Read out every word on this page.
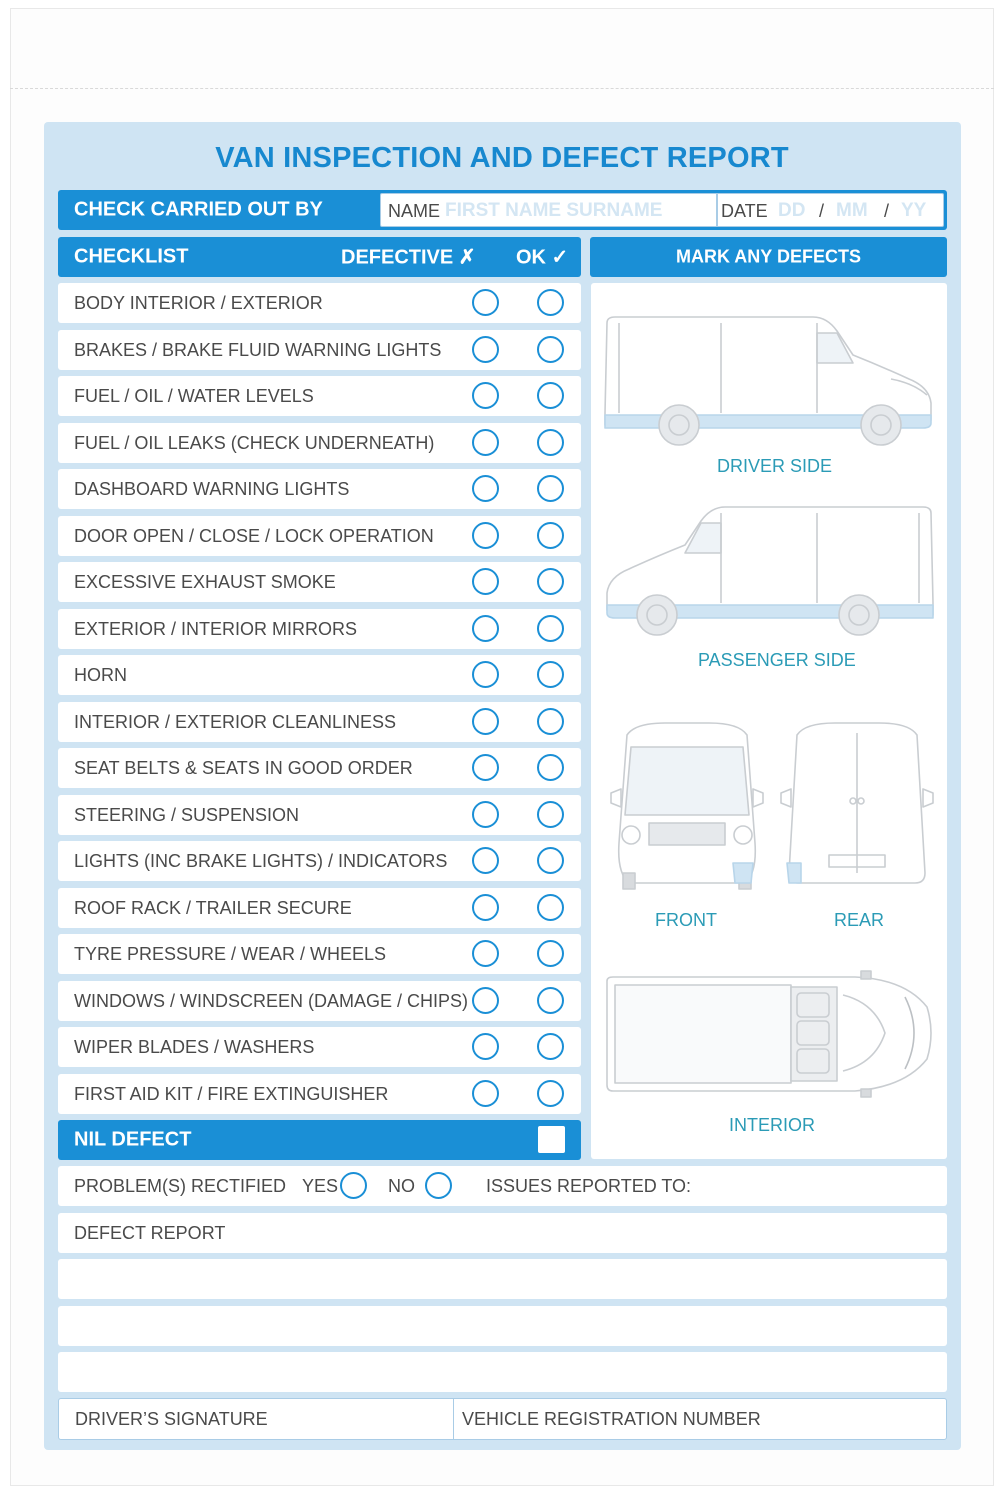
VAN INSPECTION AND DEFECT REPORT
CHECK CARRIED OUT BY	NAME FIRST NAME SURNAME	DATE DD / MM / YY
CHECKLIST	DEFECTIVE ✗ OK ✓	MARK ANY DEFECTS
BODY INTERIOR / EXTERIOR
BRAKES / BRAKE FLUID WARNING LIGHTS
FUEL / OIL / WATER LEVELS
FUEL / OIL LEAKS (CHECK UNDERNEATH)
DASHBOARD WARNING LIGHTS
DOOR OPEN / CLOSE / LOCK OPERATION
EXCESSIVE EXHAUST SMOKE
EXTERIOR / INTERIOR MIRRORS
HORN
INTERIOR / EXTERIOR CLEANLINESS
SEAT BELTS & SEATS IN GOOD ORDER
STEERING / SUSPENSION
LIGHTS (INC BRAKE LIGHTS) / INDICATORS
ROOF RACK / TRAILER SECURE
TYRE PRESSURE / WEAR / WHEELS
WINDOWS / WINDSCREEN (DAMAGE / CHIPS)
WIPER BLADES / WASHERS
FIRST AID KIT / FIRE EXTINGUISHER
NIL DEFECT
DRIVER SIDE
PASSENGER SIDE
FRONT	REAR
INTERIOR
PROBLEM(S) RECTIFIED YES	NO	ISSUES REPORTED TO:
DEFECT REPORT
DRIVER’S SIGNATURE	VEHICLE REGISTRATION NUMBER
